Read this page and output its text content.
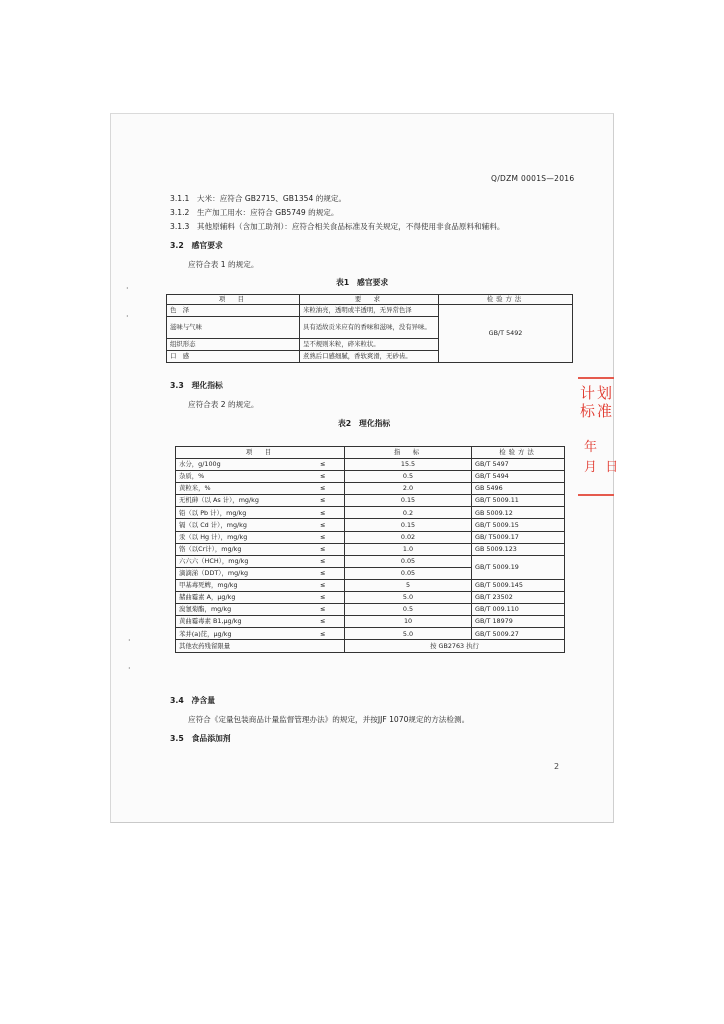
Q/DZM 0001S—2016
3.1.1　大米：应符合 GB2715、GB1354 的规定。
3.1.2　生产加工用水：应符合 GB5749 的规定。
3.1.3　其他原辅料（含加工助剂）：应符合相关食品标准及有关规定，不得使用非食品原料和辅料。
3.2　感官要求
应符合表 1 的规定。
表1　感官要求
项　目	要　求	检验方法
色　泽	米粒油亮，透明或半透明，无异常色泽	GB/T 5492
滋味与气味	具有适故贡米应有的香味和滋味，没有异味。	
组织形态	呈不规则米粒，碎米粒状。	
口　感	煮熟后口感细腻，香软爽滑，无砂齿。	
3.3　理化指标
应符合表 2 的规定。
表2　理化指标
项　目		指　标	检验方法
水分，g/100g	≤	15.5	GB/T 5497
杂质，%	≤	0.5	GB/T 5494
黄粒米，%	≤	2.0	GB 5496
无机砷（以 As 计），mg/kg	≤	0.15	GB/T 5009.11
铅（以 Pb 计），mg/kg	≤	0.2	GB 5009.12
镉（以 Cd 计），mg/kg	≤	0.15	GB/T 5009.15
汞（以 Hg 计），mg/kg	≤	0.02	GB/ T5009.17
铬（以Cr计），mg/kg	≤	1.0	GB 5009.123
六六六（HCH），mg/kg	≤	0.05	GB/T 5009.19
滴滴涕（DDT），mg/kg	≤	0.05	
甲基毒死蜱，mg/kg	≤	5	GB/T 5009.145
赭曲霉素 A，μg/kg	≤	5.0	GB/T 23502
溴氰菊酯，mg/kg	≤	0.5	GB/T 009.110
黄曲霉毒素 B1,μg/kg	≤	10	GB/T 18979
苯并(a)芘，μg/kg	≤	5.0	GB/T 5009.27
其他农药残留限量		按 GB2763 执行	
3.4　净含量
应符合《定量包装商品计量监督管理办法》的规定，并按JJF 1070规定的方法检测。
3.5　食品添加剂
2
计划
标准
年
月  日
·
·
·
·
